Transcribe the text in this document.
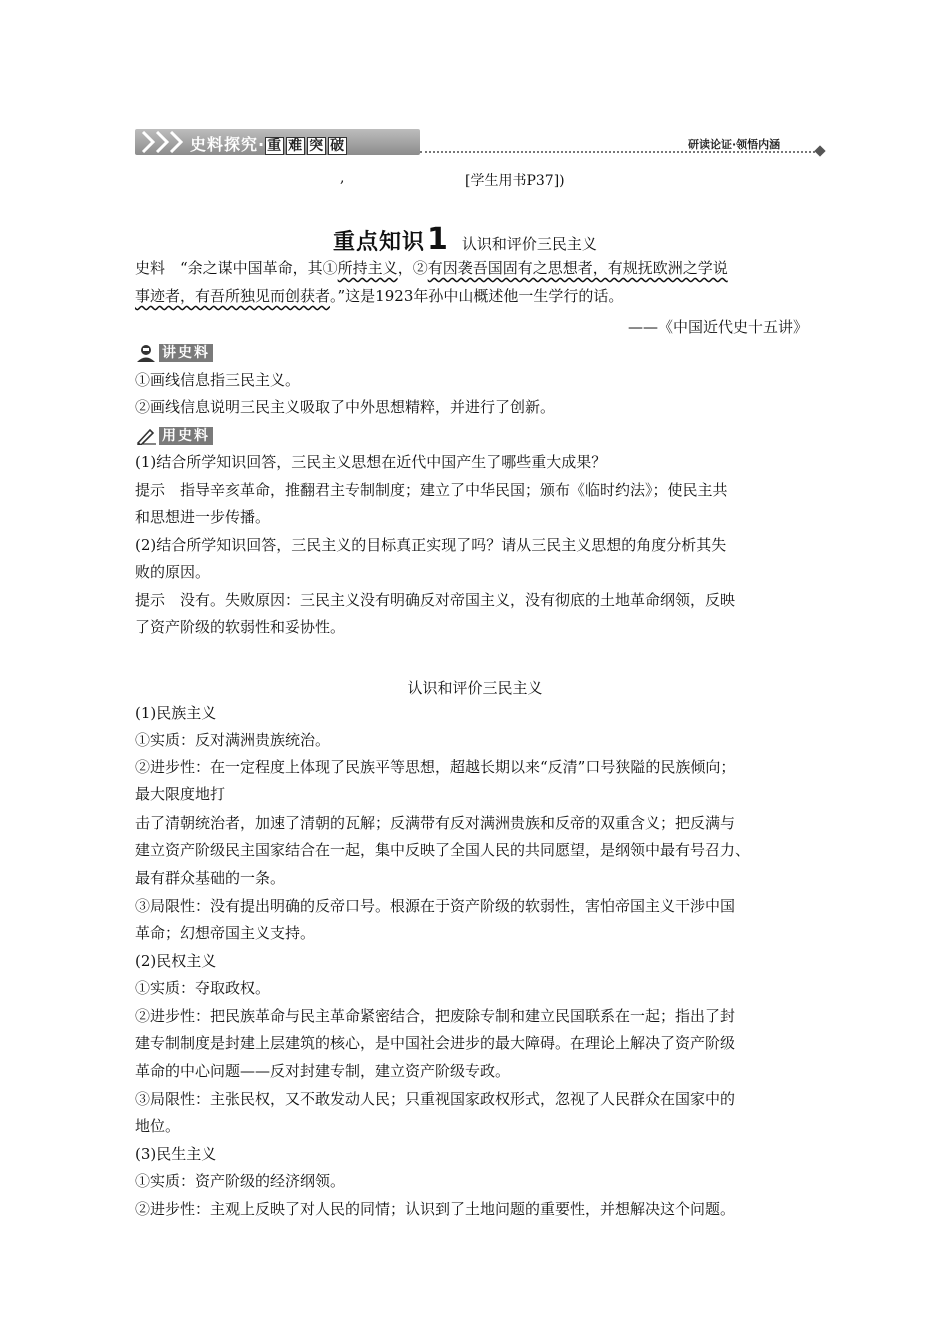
史料探究· 重 难 突 破	研读论证·领悟内涵
,	[学生用书P37])
重点知识1 认识和评价三民主义
史料　“余之谋中国革命，其①所持主义，②有因袭吾国固有之思想者，有规抚欧洲之学说
事迹者，有吾所独见而创获者。”这是1923年孙中山概述他一生学行的话。
——《中国近代史十五讲》
讲史料
①画线信息指三民主义。
②画线信息说明三民主义吸取了中外思想精粹，并进行了创新。
用史料
(1)结合所学知识回答，三民主义思想在近代中国产生了哪些重大成果？
提示　指导辛亥革命，推翻君主专制制度；建立了中华民国；颁布《临时约法》；使民主共
和思想进一步传播。
(2)结合所学知识回答，三民主义的目标真正实现了吗？请从三民主义思想的角度分析其失
败的原因。
提示　没有。失败原因：三民主义没有明确反对帝国主义，没有彻底的土地革命纲领，反映
了资产阶级的软弱性和妥协性。
认识和评价三民主义
(1)民族主义
①实质：反对满洲贵族统治。
②进步性：在一定程度上体现了民族平等思想，超越长期以来“反清”口号狭隘的民族倾向；
最大限度地打
击了清朝统治者，加速了清朝的瓦解；反满带有反对满洲贵族和反帝的双重含义；把反满与
建立资产阶级民主国家结合在一起，集中反映了全国人民的共同愿望，是纲领中最有号召力、
最有群众基础的一条。
③局限性：没有提出明确的反帝口号。根源在于资产阶级的软弱性，害怕帝国主义干涉中国
革命；幻想帝国主义支持。
(2)民权主义
①实质：夺取政权。
②进步性：把民族革命与民主革命紧密结合，把废除专制和建立民国联系在一起；指出了封
建专制制度是封建上层建筑的核心，是中国社会进步的最大障碍。在理论上解决了资产阶级
革命的中心问题——反对封建专制，建立资产阶级专政。
③局限性：主张民权，又不敢发动人民；只重视国家政权形式，忽视了人民群众在国家中的
地位。
(3)民生主义
①实质：资产阶级的经济纲领。
②进步性：主观上反映了对人民的同情；认识到了土地问题的重要性，并想解决这个问题。
